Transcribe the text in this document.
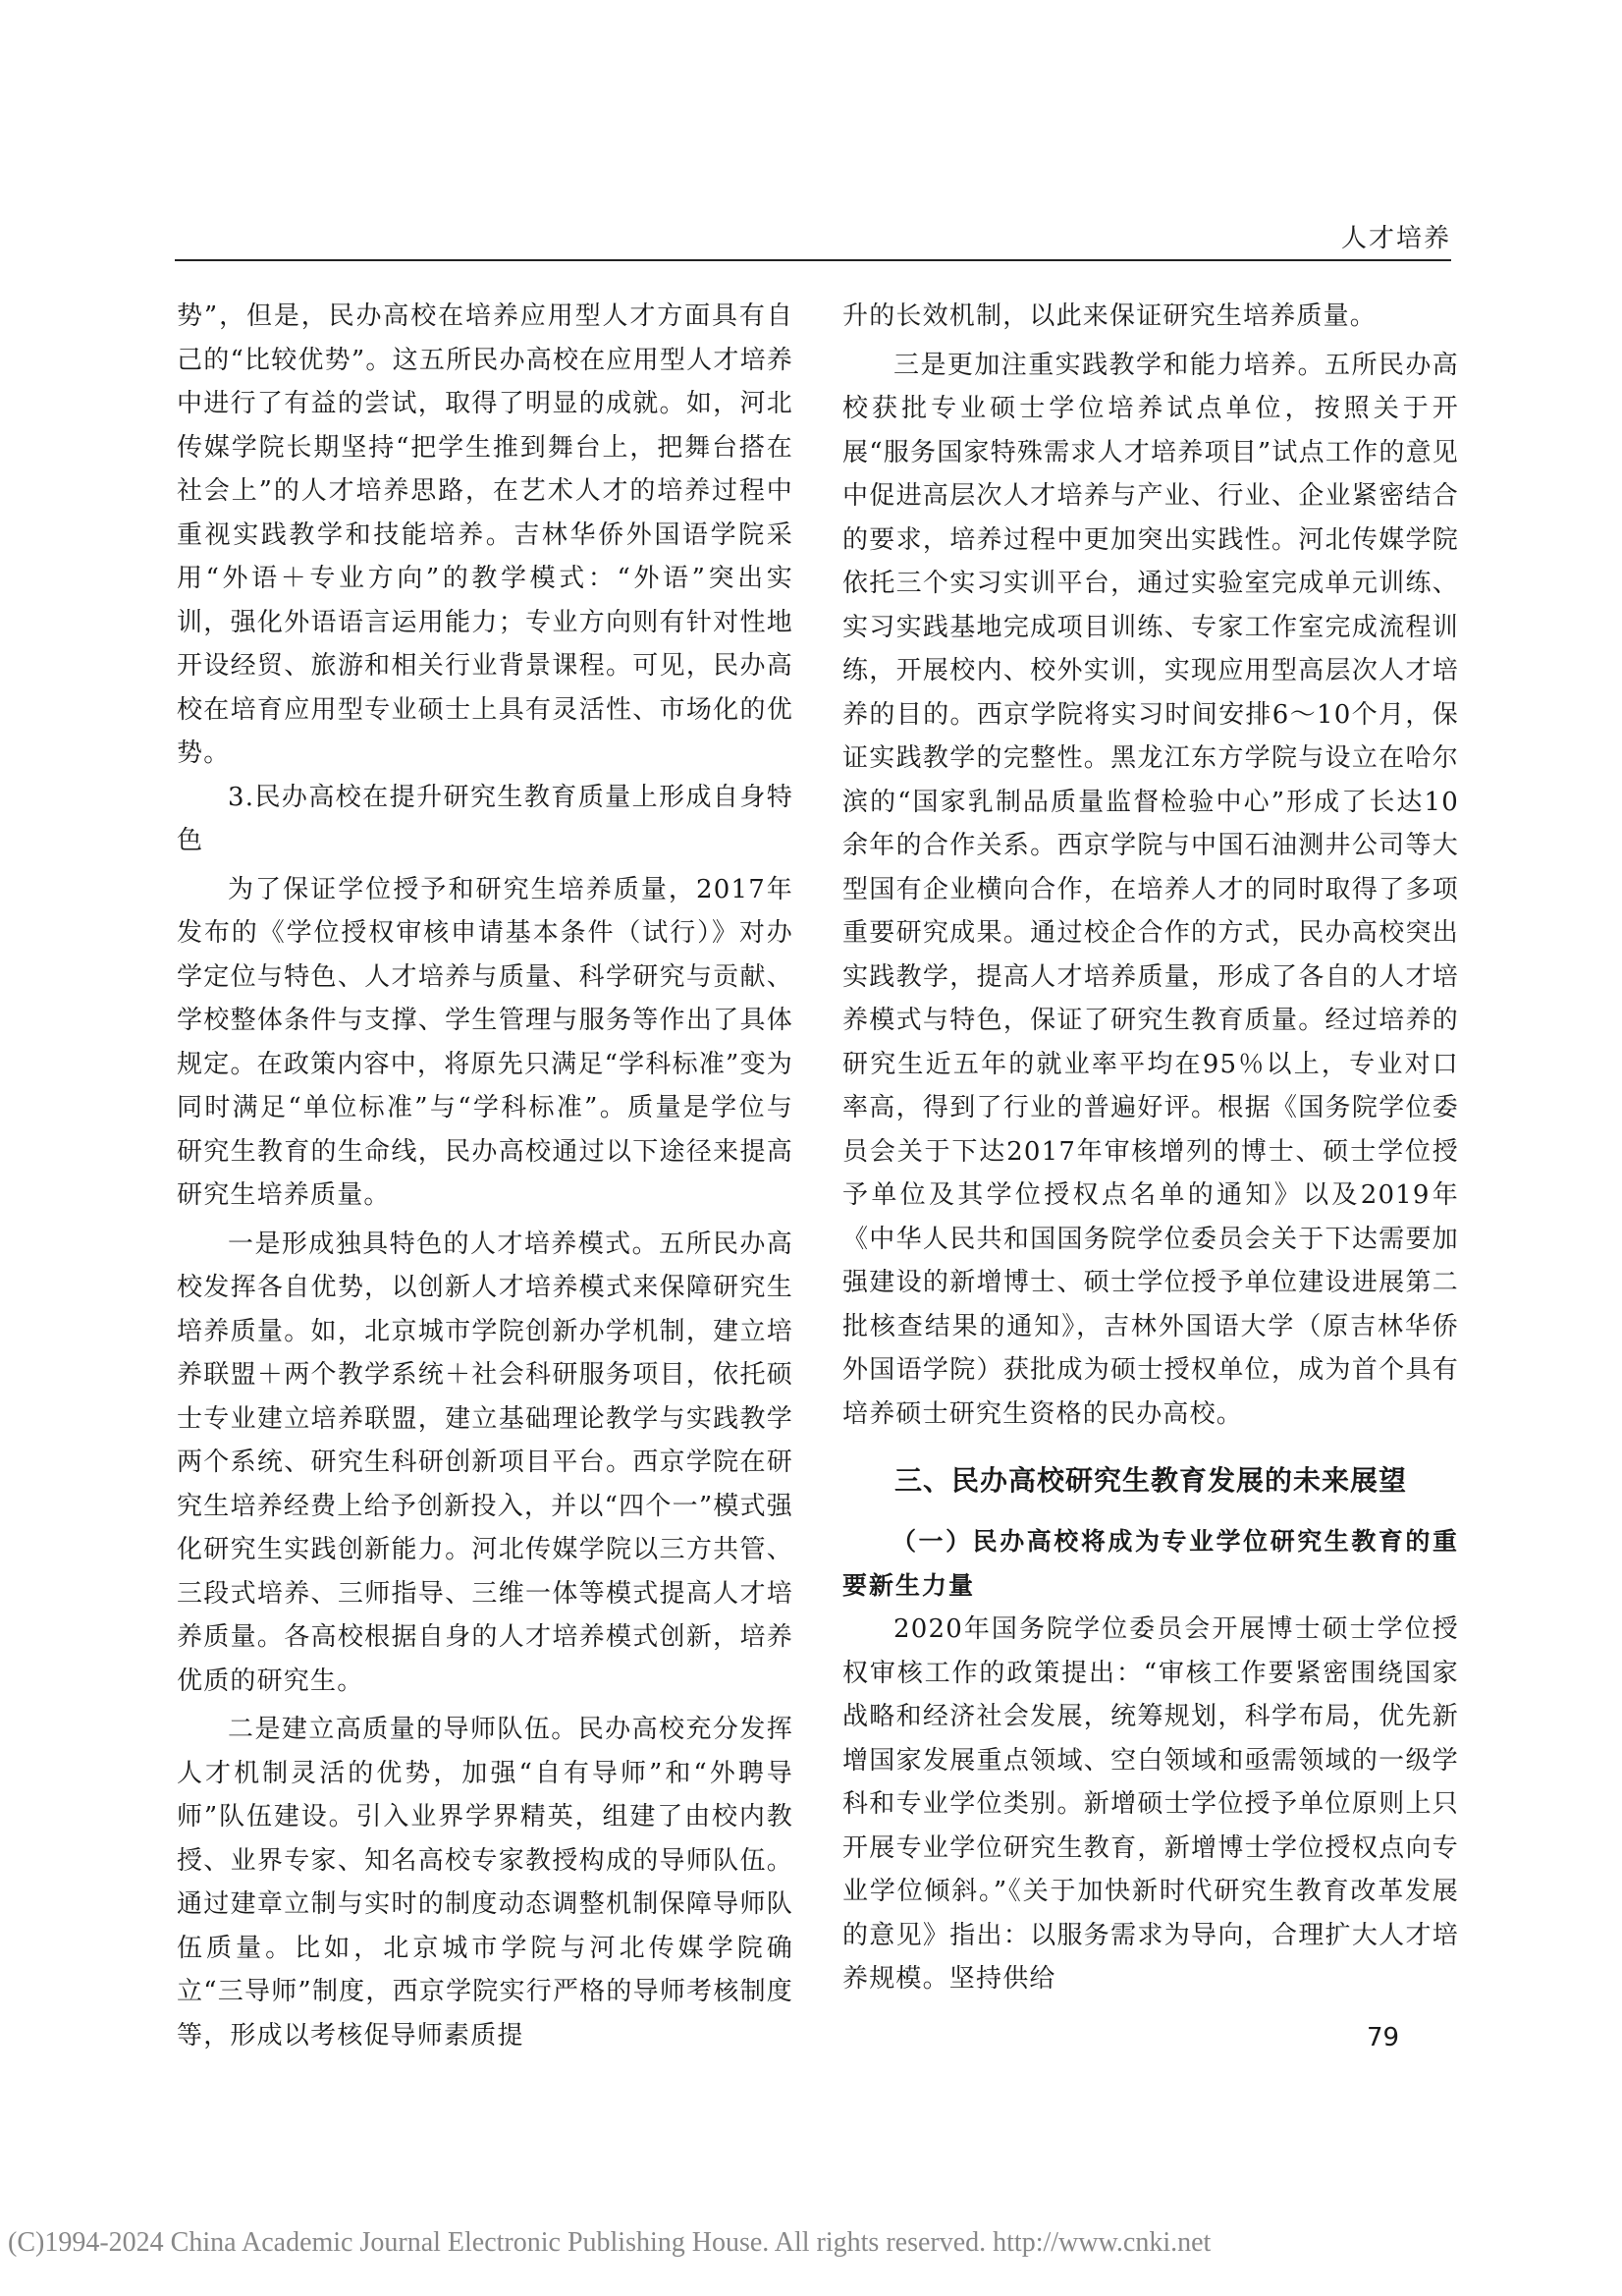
人才培养

势”，但是，民办高校在培养应用型人才方面具有自己的“比较优势”。这五所民办高校在应用型人才培养中进行了有益的尝试，取得了明显的成就。如，河北传媒学院长期坚持“把学生推到舞台上，把舞台搭在社会上”的人才培养思路，在艺术人才的培养过程中重视实践教学和技能培养。吉林华侨外国语学院采用“外语＋专业方向”的教学模式：“外语”突出实训，强化外语语言运用能力；专业方向则有针对性地开设经贸、旅游和相关行业背景课程。可见，民办高校在培育应用型专业硕士上具有灵活性、市场化的优势。

3.民办高校在提升研究生教育质量上形成自身特色

为了保证学位授予和研究生培养质量，2017年发布的《学位授权审核申请基本条件（试行）》对办学定位与特色、人才培养与质量、科学研究与贡献、学校整体条件与支撑、学生管理与服务等作出了具体规定。在政策内容中，将原先只满足“学科标准”变为同时满足“单位标准”与“学科标准”。质量是学位与研究生教育的生命线，民办高校通过以下途径来提高研究生培养质量。

一是形成独具特色的人才培养模式。五所民办高校发挥各自优势，以创新人才培养模式来保障研究生培养质量。如，北京城市学院创新办学机制，建立培养联盟＋两个教学系统＋社会科研服务项目，依托硕士专业建立培养联盟，建立基础理论教学与实践教学两个系统、研究生科研创新项目平台。西京学院在研究生培养经费上给予创新投入，并以“四个一”模式强化研究生实践创新能力。河北传媒学院以三方共管、三段式培养、三师指导、三维一体等模式提高人才培养质量。各高校根据自身的人才培养模式创新，培养优质的研究生。

二是建立高质量的导师队伍。民办高校充分发挥人才机制灵活的优势，加强“自有导师”和“外聘导师”队伍建设。引入业界学界精英，组建了由校内教授、业界专家、知名高校专家教授构成的导师队伍。通过建章立制与实时的制度动态调整机制保障导师队伍质量。比如，北京城市学院与河北传媒学院确立“三导师”制度，西京学院实行严格的导师考核制度等，形成以考核促导师素质提

升的长效机制，以此来保证研究生培养质量。

三是更加注重实践教学和能力培养。五所民办高校获批专业硕士学位培养试点单位，按照关于开展“服务国家特殊需求人才培养项目”试点工作的意见中促进高层次人才培养与产业、行业、企业紧密结合的要求，培养过程中更加突出实践性。河北传媒学院依托三个实习实训平台，通过实验室完成单元训练、实习实践基地完成项目训练、专家工作室完成流程训练，开展校内、校外实训，实现应用型高层次人才培养的目的。西京学院将实习时间安排6～10个月，保证实践教学的完整性。黑龙江东方学院与设立在哈尔滨的“国家乳制品质量监督检验中心”形成了长达10余年的合作关系。西京学院与中国石油测井公司等大型国有企业横向合作，在培养人才的同时取得了多项重要研究成果。通过校企合作的方式，民办高校突出实践教学，提高人才培养质量，形成了各自的人才培养模式与特色，保证了研究生教育质量。经过培养的研究生近五年的就业率平均在95％以上，专业对口率高，得到了行业的普遍好评。根据《国务院学位委员会关于下达2017年审核增列的博士、硕士学位授予单位及其学位授权点名单的通知》以及2019年《中华人民共和国国务院学位委员会关于下达需要加强建设的新增博士、硕士学位授予单位建设进展第二批核查结果的通知》，吉林外国语大学（原吉林华侨外国语学院）获批成为硕士授权单位，成为首个具有培养硕士研究生资格的民办高校。

三、民办高校研究生教育发展的未来展望
（一）民办高校将成为专业学位研究生教育的重要新生力量

2020年国务院学位委员会开展博士硕士学位授权审核工作的政策提出：“审核工作要紧密围绕国家战略和经济社会发展，统筹规划，科学布局，优先新增国家发展重点领域、空白领域和亟需领域的一级学科和专业学位类别。新增硕士学位授予单位原则上只开展专业学位研究生教育，新增博士学位授权点向专业学位倾斜。”《关于加快新时代研究生教育改革发展的意见》指出：以服务需求为导向，合理扩大人才培养规模。坚持供给

79
(C)1994-2024 China Academic Journal Electronic Publishing House. All rights reserved. http://www.cnki.net
